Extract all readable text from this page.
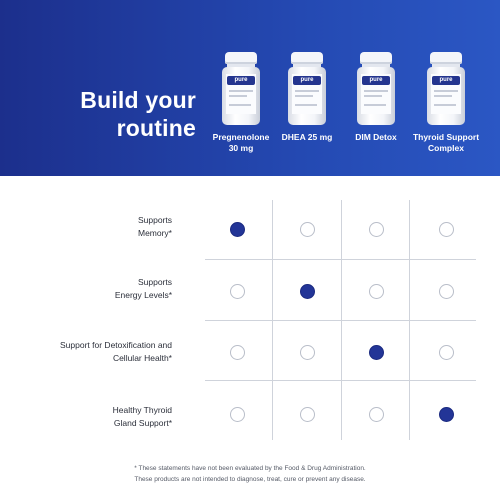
Build your
routine
pure
Pregnenolone
30 mg
pure
DHEA 25 mg
pure
DIM Detox
pure
Thyroid Support
Complex
Supports
Memory*
Supports
Energy Levels*
Support for Detoxification and
Cellular Health*
Healthy Thyroid
Gland Support*
* These statements have not been evaluated by the Food & Drug Administration.
These products are not intended to diagnose, treat, cure or prevent any disease.
